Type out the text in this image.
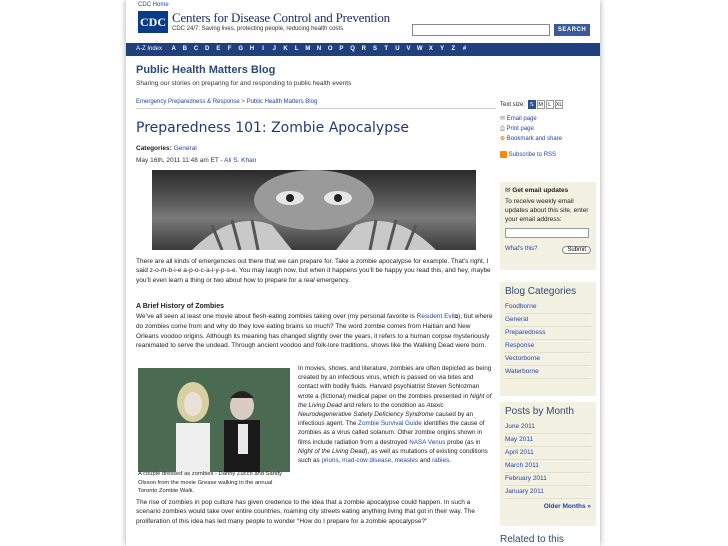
CDC Home
CDC Centers for Disease Control and Prevention
CDC 24/7: Saving lives, protecting people, reducing health costs	SEARCH
A-Z Index A B C D E F G H I J K L M N O P Q R S T U V W X Y Z #
Public Health Matters Blog
Sharing our stories on preparing for and responding to public health events
Emergency Preparedness & Response > Public Health Matters Blog
Preparedness 101: Zombie Apocalypse
Categories: General
May 16th, 2011 11:48 am ET - Ali S. Khan
There are all kinds of emergencies out there that we can prepare for. Take a zombie apocalypse for example. That’s right, I said z-o-m-b-i-e a-p-o-c-a-l-y-p-s-e. You may laugh now, but when it happens you’ll be happy you read this, and hey, maybe you’ll even learn a thing or two about how to prepare for a real emergency.
A Brief History of Zombies
We’ve all seen at least one movie about flesh-eating zombies taking over (my personal favorite is Resident Evil⧉), but where do zombies come from and why do they love eating brains so much? The word zombie comes from Haitian and New Orleans voodoo origins. Although its meaning has changed slightly over the years, it refers to a human corpse mysteriously reanimated to serve the undead. Through ancient voodoo and folk-lore traditions, shows like the Walking Dead were born.
A couple dressed as zombies - Danny Zucco and Sandy Olsson from the movie Grease walking in the annual Toronto Zombie Walk.
In movies, shows, and literature, zombies are often depicted as being created by an infectious virus, which is passed on via bites and contact with bodily fluids. Harvard psychiatrist Steven Schlozman wrote a (fictional) medical paper on the zombies presented in Night of the Living Dead and refers to the condition as Ataxic Neurodegenerative Satiety Deficiency Syndrome caused by an infectious agent. The Zombie Survival Guide identifies the cause of zombies as a virus called solanum. Other zombie origins shown in films include radiation from a destroyed NASA Venus probe (as in Night of the Living Dead), as well as mutations of existing conditions such as prions, mad-cow disease, measles and rabies.
The rise of zombies in pop culture has given credence to the idea that a zombie apocalypse could happen. In such a scenario zombies would take over entire countries, roaming city streets eating anything living that got in their way. The proliferation of this idea has led many people to wonder “How do I prepare for a zombie apocalypse?”
Text size: S M L XL
✉ Email page
⎙ Print page
⊕ Bookmark and share
Subscribe to RSS
✉ Get email updates
To receive weekly email updates about this site, enter your email address:
What's this?	Submit
Blog Categories
Foodborne
General
Preparedness
Response
Vectorborne
Waterborne
Posts by Month
June 2011
May 2011
April 2011
March 2011
February 2011
January 2011
Older Months »
Related to this
